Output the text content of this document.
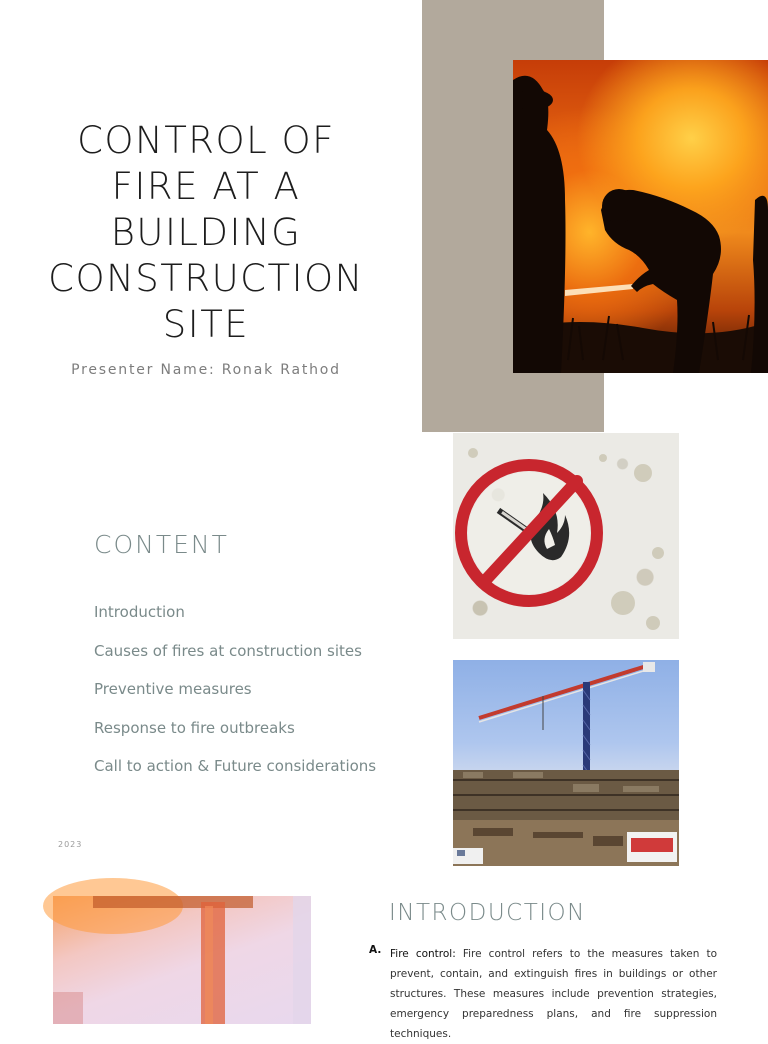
CONTROL OF FIRE AT A BUILDING CONSTRUCTION SITE
Presenter Name: Ronak Rathod
CONTENT
Introduction
Causes of fires at construction sites
Preventive measures
Response to fire outbreaks
Call to action & Future considerations
2023
INTRODUCTION
A. Fire control: Fire control refers to the measures taken to prevent, contain, and extinguish fires in buildings or other structures. These measures include prevention strategies, emergency preparedness plans, and fire suppression techniques.
